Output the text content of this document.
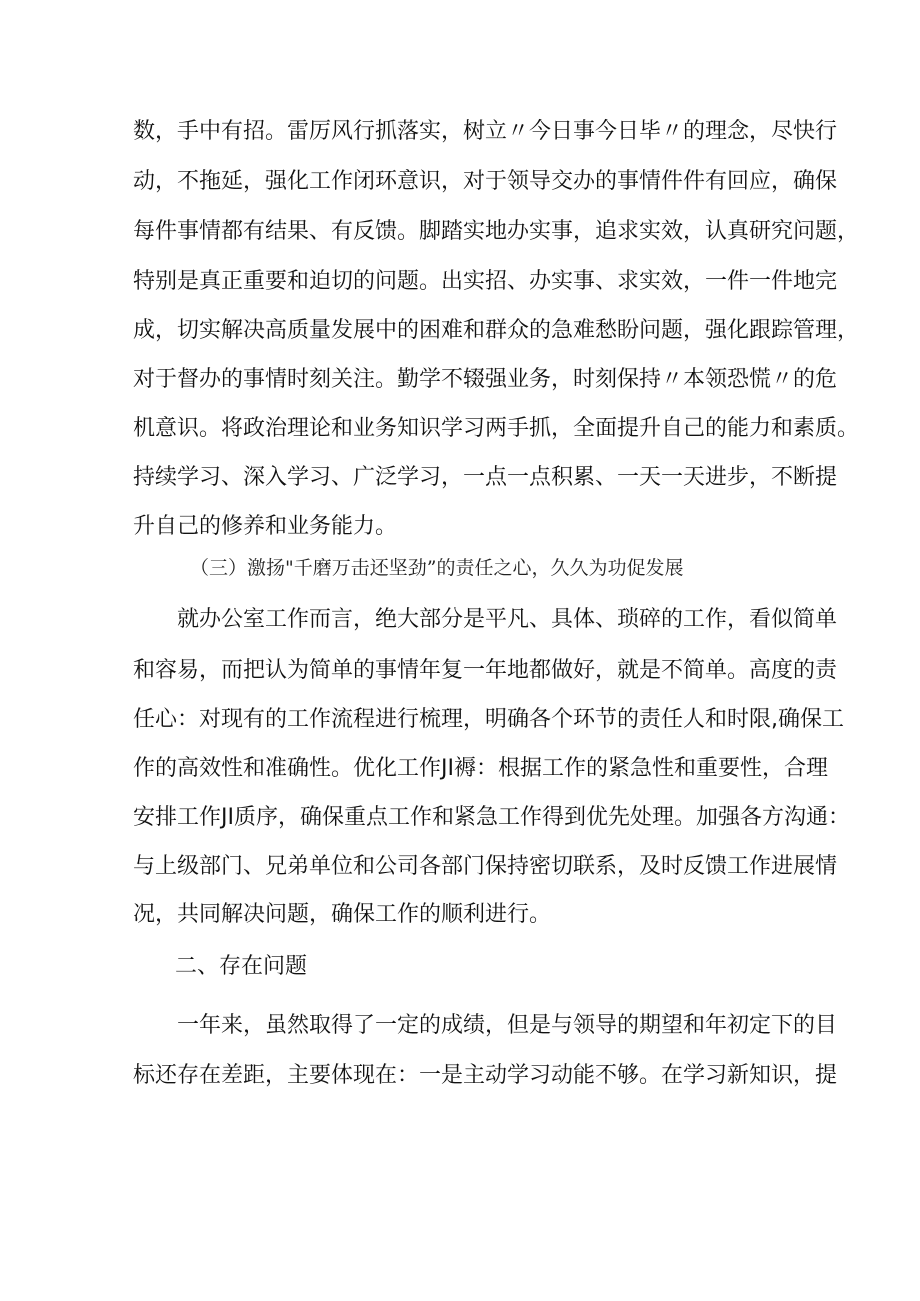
数，手中有招。雷厉风行抓落实，树立〃今日事今日毕〃的理念，尽快行
动，不拖延，强化工作闭环意识，对于领导交办的事情件件有回应，确保
每件事情都有结果、有反馈。脚踏实地办实事，追求实效，认真研究问题，
特别是真正重要和迫切的问题。出实招、办实事、求实效，一件一件地完
成，切实解决高质量发展中的困难和群众的急难愁盼问题，强化跟踪管理，
对于督办的事情时刻关注。勤学不辍强业务，时刻保持〃本领恐慌〃的危
机意识。将政治理论和业务知识学习两手抓，全面提升自己的能力和素质。
持续学习、深入学习、广泛学习，一点一点积累、一天一天进步，不断提
升自己的修养和业务能力。
（三）激扬"千磨万击还坚劲”的责任之心，久久为功促发展
就办公室工作而言，绝大部分是平凡、具体、琐碎的工作，看似简单
和容易，而把认为简单的事情年复一年地都做好，就是不简单。高度的责
任心：对现有的工作流程进行梳理，明确各个环节的责任人和时限,确保工
作的高效性和准确性。优化工作JI褥：根据工作的紧急性和重要性，合理
安排工作JI质序，确保重点工作和紧急工作得到优先处理。加强各方沟通：
与上级部门、兄弟单位和公司各部门保持密切联系，及时反馈工作进展情
况，共同解决问题，确保工作的顺利进行。
二、存在问题
一年来，虽然取得了一定的成绩，但是与领导的期望和年初定下的目
标还存在差距，主要体现在：一是主动学习动能不够。在学习新知识，提
